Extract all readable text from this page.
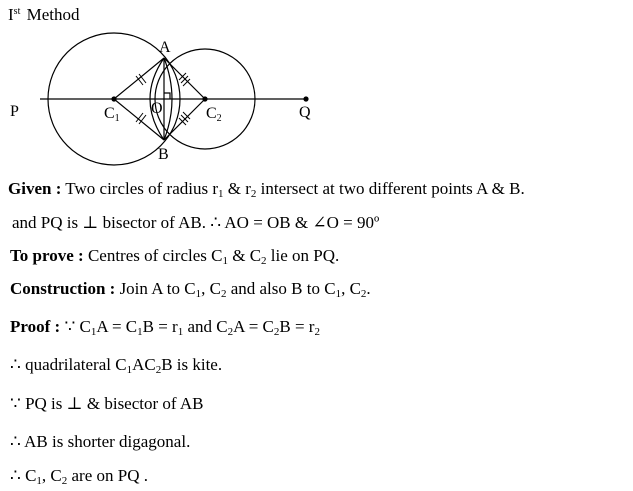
Ist Method
A
B
P	Q
O
C1	C2
Given : Two circles of radius $r_1$ & $r_2$ intersect at two different points A & B.
and PQ is ⊥ bisector of AB. ∴ AO = OB & ∠O = 90º
To prove : Centres of circles $C_1$ & $C_2$ lie on PQ.
Construction : Join A to $C_1$, $C_2$ and also B to $C_1$, $C_2$.
Proof : ∵ $C_1A = C_1B = r_1$ and $C_2A = C_2B = r_2$
∴ quadrilateral $C_1AC_2B$ is kite.
∵ PQ is ⊥ & bisector of AB
∴ AB is shorter digagonal.
∴ $C_1$, $C_2$ are on PQ .
